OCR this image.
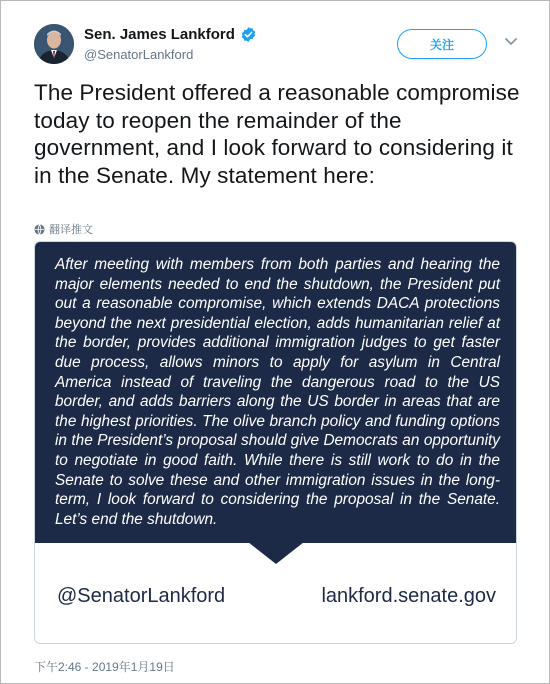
Sen. James Lankford
@SenatorLankford
关注
The President offered a reasonable compromise today to reopen the remainder of the government, and I look forward to considering it in the Senate. My statement here:
翻译推文
After meeting with members from both parties and hearing the major elements needed to end the shutdown, the President put out a reasonable compromise, which extends DACA protections beyond the next presidential election, adds humanitarian relief at the border, provides additional immigration judges to get faster due process, allows minors to apply for asylum in Central America instead of traveling the dangerous road to the US border, and adds barriers along the US border in areas that are the highest priorities. The olive branch policy and funding options in the President’s proposal should give Democrats an opportunity to negotiate in good faith. While there is still work to do in the Senate to solve these and other immigration issues in the long-term, I look forward to considering the proposal in the Senate. Let’s end the shutdown.
@SenatorLankford	lankford.senate.gov
下午2:46 - 2019年1月19日
